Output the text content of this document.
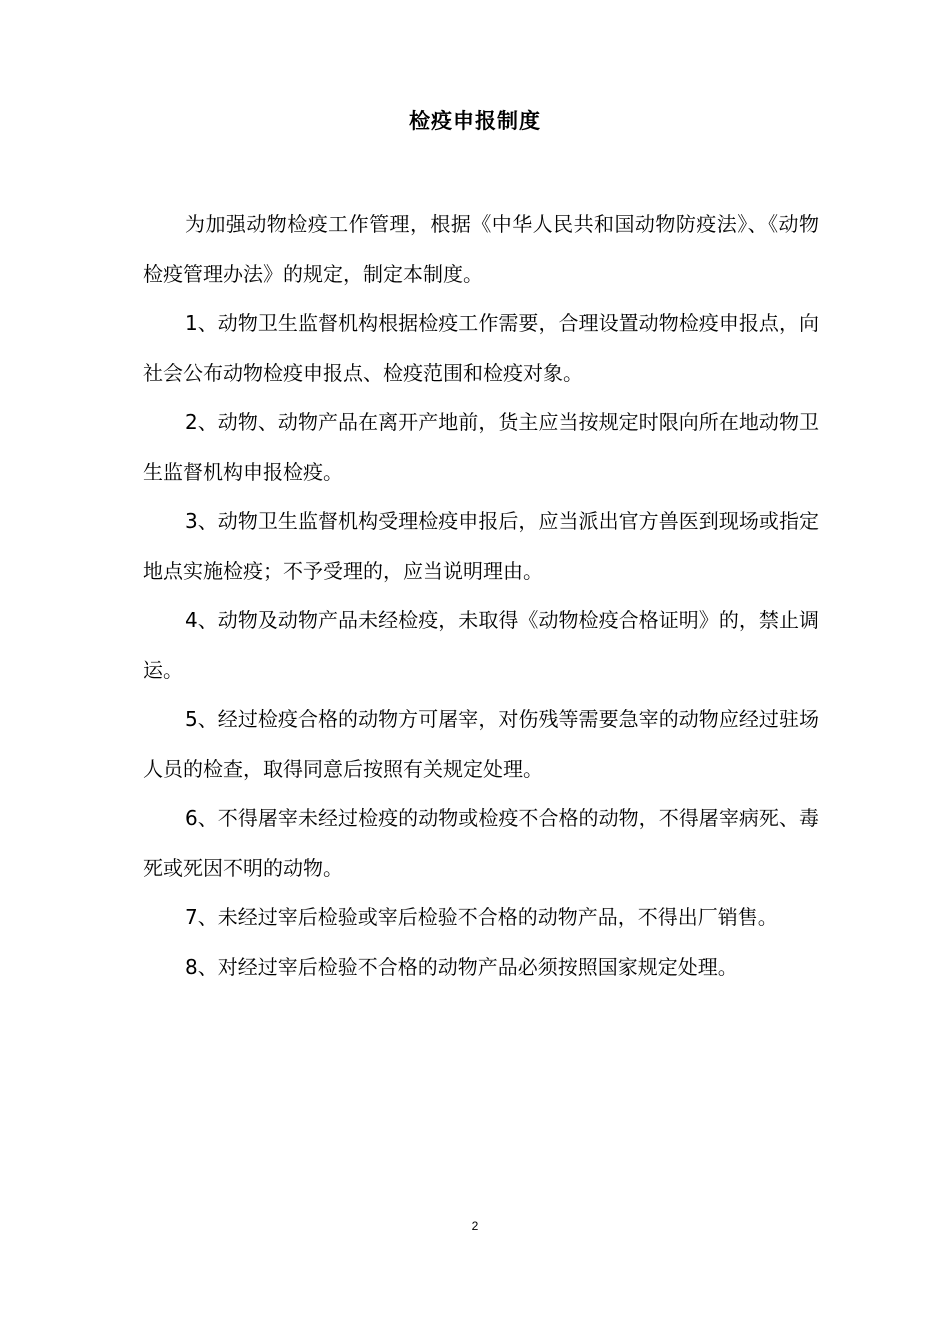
检疫申报制度

为加强动物检疫工作管理，根据《中华人民共和国动物防疫法》、《动物检疫管理办法》的规定，制定本制度。

1、动物卫生监督机构根据检疫工作需要，合理设置动物检疫申报点，向社会公布动物检疫申报点、检疫范围和检疫对象。

2、动物、动物产品在离开产地前，货主应当按规定时限向所在地动物卫生监督机构申报检疫。

3、动物卫生监督机构受理检疫申报后，应当派出官方兽医到现场或指定地点实施检疫；不予受理的，应当说明理由。

4、动物及动物产品未经检疫，未取得《动物检疫合格证明》的，禁止调运。

5、经过检疫合格的动物方可屠宰，对伤残等需要急宰的动物应经过驻场人员的检查，取得同意后按照有关规定处理。

6、不得屠宰未经过检疫的动物或检疫不合格的动物，不得屠宰病死、毒死或死因不明的动物。

7、未经过宰后检验或宰后检验不合格的动物产品，不得出厂销售。

8、对经过宰后检验不合格的动物产品必须按照国家规定处理。

2
